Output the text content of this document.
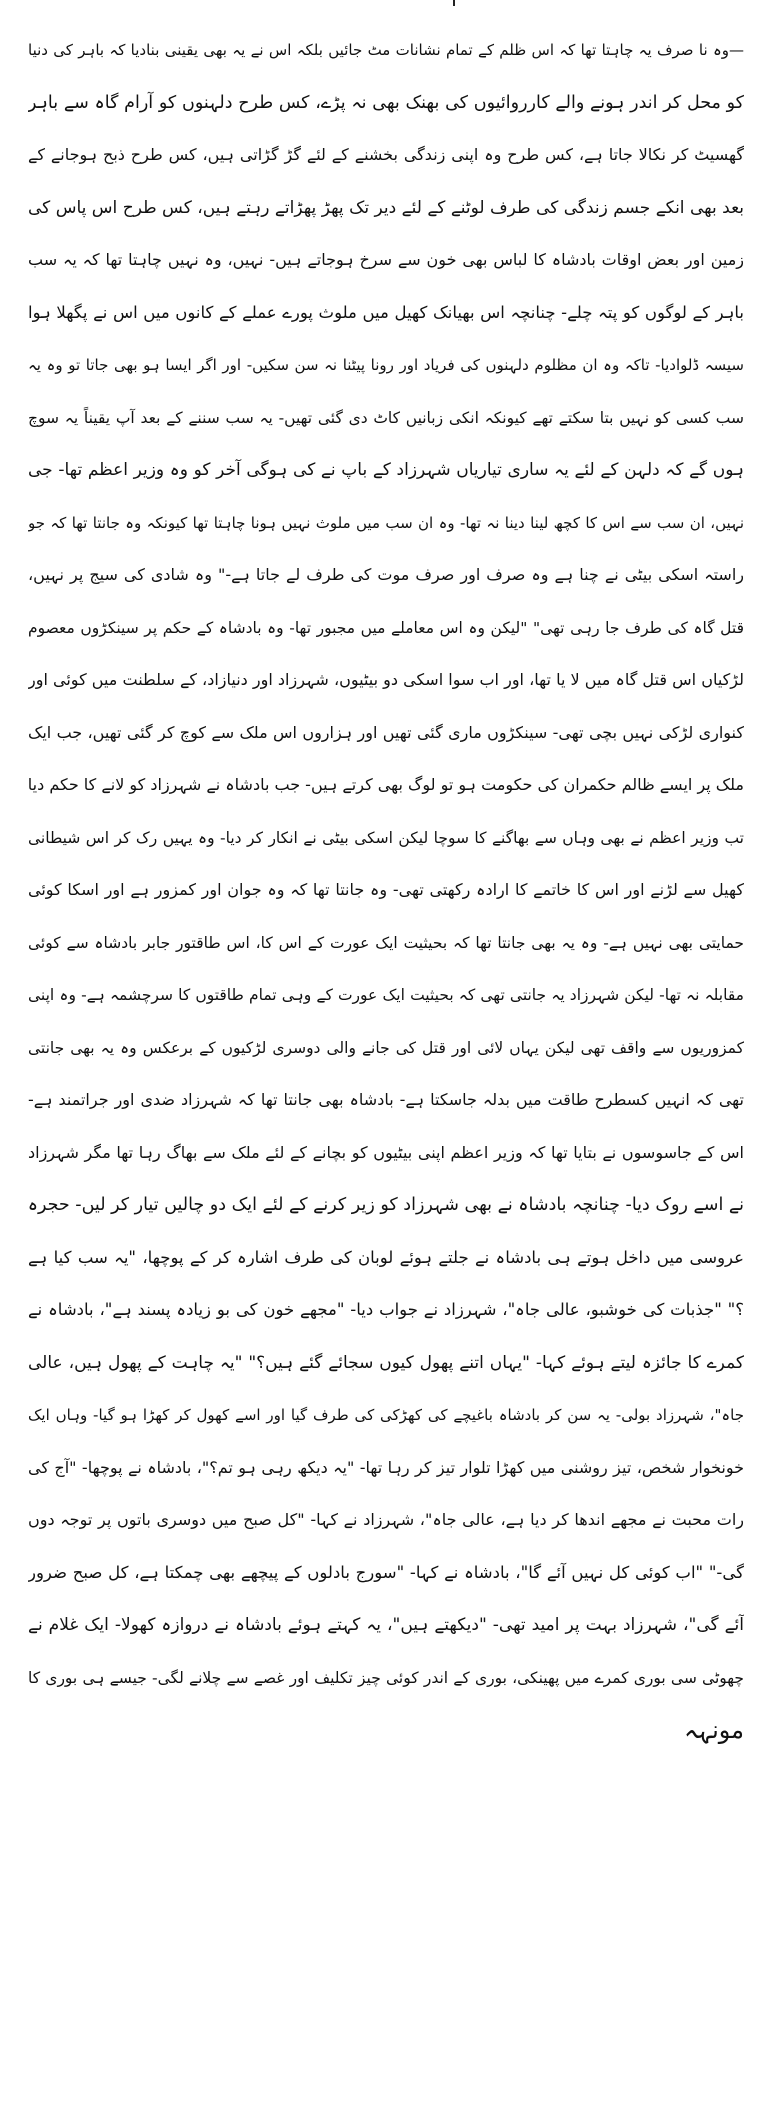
—وہ نا صرف یہ چاہتا تھا کہ اس ظلم کے تمام نشانات مٹ جائیں بلکہ اس نے یہ بھی یقینی بنادیا کہ باہر کی دنیا
کو محل کر اندر ہونے والے کارروائیوں کی بھنک بھی نہ پڑے، کس طرح دلہنوں کو آرام گاہ سے باہر
گھسیٹ کر نکالا جاتا ہے، کس طرح وہ اپنی زندگی بخشنے کے لئے گڑ گڑاتی ہیں، کس طرح ذبح ہوجانے کے
بعد بھی انکے جسم زندگی کی طرف لوٹنے کے لئے دیر تک پھڑ پھڑاتے رہتے ہیں، کس طرح اس پاس کی
زمین اور بعض اوقات بادشاہ کا لباس بھی خون سے سرخ ہوجاتے ہیں- نہیں، وہ نہیں چاہتا تھا کہ یہ سب
باہر کے لوگوں کو پتہ چلے- چنانچہ اس بھیانک کھیل میں ملوث پورے عملے کے کانوں میں اس نے پگھلا ہوا
سیسہ ڈلوادیا- تاکہ وہ ان مظلوم دلہنوں کی فریاد اور رونا پیٹنا نہ سن سکیں- اور اگر ایسا ہو بھی جاتا تو وہ یہ
سب کسی کو نہیں بتا سکتے تھے کیونکہ انکی زبانیں کاٹ دی گئی تھیں- یہ سب سننے کے بعد آپ یقیناً یہ سوچ
ہوں گے کہ دلہن کے لئے یہ ساری تیاریاں شہرزاد کے باپ نے کی ہوگی آخر کو وہ وزیر اعظم تھا- جی
نہیں، ان سب سے اس کا کچھ لینا دینا نہ تھا- وہ ان سب میں ملوث نہیں ہونا چاہتا تھا کیونکہ وہ جانتا تھا کہ جو
راستہ اسکی بیٹی نے چنا ہے وہ صرف اور صرف موت کی طرف لے جاتا ہے-" وہ شادی کی سیج پر نہیں،
قتل گاہ کی طرف جا رہی تھی" "لیکن وہ اس معاملے میں مجبور تھا- وہ بادشاہ کے حکم پر سینکڑوں معصوم
لڑکیاں اس قتل گاہ میں لا یا تھا، اور اب سوا اسکی دو بیٹیوں، شہرزاد اور دنیازاد، کے سلطنت میں کوئی اور
کنواری لڑکی نہیں بچی تھی- سینکڑوں ماری گئی تھیں اور ہزاروں اس ملک سے کوچ کر گئی تھیں، جب ایک
ملک پر ایسے ظالم حکمران کی حکومت ہو تو لوگ بھی کرتے ہیں- جب بادشاہ نے شہرزاد کو لانے کا حکم دیا
تب وزیر اعظم نے بھی وہاں سے بھاگنے کا سوچا لیکن اسکی بیٹی نے انکار کر دیا- وہ یہیں رک کر اس شیطانی
کھیل سے لڑنے اور اس کا خاتمے کا ارادہ رکھتی تھی- وہ جانتا تھا کہ وہ جوان اور کمزور ہے اور اسکا کوئی
حمایتی بھی نہیں ہے- وہ یہ بھی جانتا تھا کہ بحیثیت ایک عورت کے اس کا، اس طاقتور جابر بادشاہ سے کوئی
مقابلہ نہ تھا- لیکن شہرزاد یہ جانتی تھی کہ بحیثیت ایک عورت کے وہی تمام طاقتوں کا سرچشمہ ہے- وہ اپنی
کمزوریوں سے واقف تھی لیکن یہاں لائی اور قتل کی جانے والی دوسری لڑکیوں کے برعکس وہ یہ بھی جانتی
تھی کہ انہیں کسطرح طاقت میں بدلہ جاسکتا ہے- بادشاہ بھی جانتا تھا کہ شہرزاد ضدی اور جراتمند ہے-
اس کے جاسوسوں نے بتایا تھا کہ وزیر اعظم اپنی بیٹیوں کو بچانے کے لئے ملک سے بھاگ رہا تھا مگر شہرزاد
نے اسے روک دیا- چنانچہ بادشاہ نے بھی شہرزاد کو زیر کرنے کے لئے ایک دو چالیں تیار کر لیں- حجرہ
عروسی میں داخل ہوتے ہی بادشاہ نے جلتے ہوئے لوبان کی طرف اشارہ کر کے پوچھا، "یہ سب کیا ہے
؟" "جذبات کی خوشبو، عالی جاہ"، شہرزاد نے جواب دیا- "مجھے خون کی بو زیادہ پسند ہے"، بادشاہ نے
کمرے کا جائزہ لیتے ہوئے کہا- "یہاں اتنے پھول کیوں سجائے گئے ہیں؟" "یہ چاہت کے پھول ہیں، عالی
جاہ"، شہرزاد بولی- یہ سن کر بادشاہ باغیچے کی کھڑکی کی طرف گیا اور اسے کھول کر کھڑا ہو گیا- وہاں ایک
خونخوار شخص، تیز روشنی میں کھڑا تلوار تیز کر رہا تھا- "یہ دیکھ رہی ہو تم؟"، بادشاہ نے پوچھا- "آج کی
رات محبت نے مجھے اندھا کر دیا ہے، عالی جاہ"، شہرزاد نے کہا- "کل صبح میں دوسری باتوں پر توجہ دوں
گی-" "اب کوئی کل نہیں آئے گا"، بادشاہ نے کہا- "سورج بادلوں کے پیچھے بھی چمکتا ہے، کل صبح ضرور
آئے گی"، شہرزاد بہت پر امید تھی- "دیکھتے ہیں"، یہ کہتے ہوئے بادشاہ نے دروازہ کھولا- ایک غلام نے
چھوٹی سی بوری کمرے میں پھینکی، بوری کے اندر کوئی چیز تکلیف اور غصے سے چلانے لگی- جیسے ہی بوری کا
مونہہ
